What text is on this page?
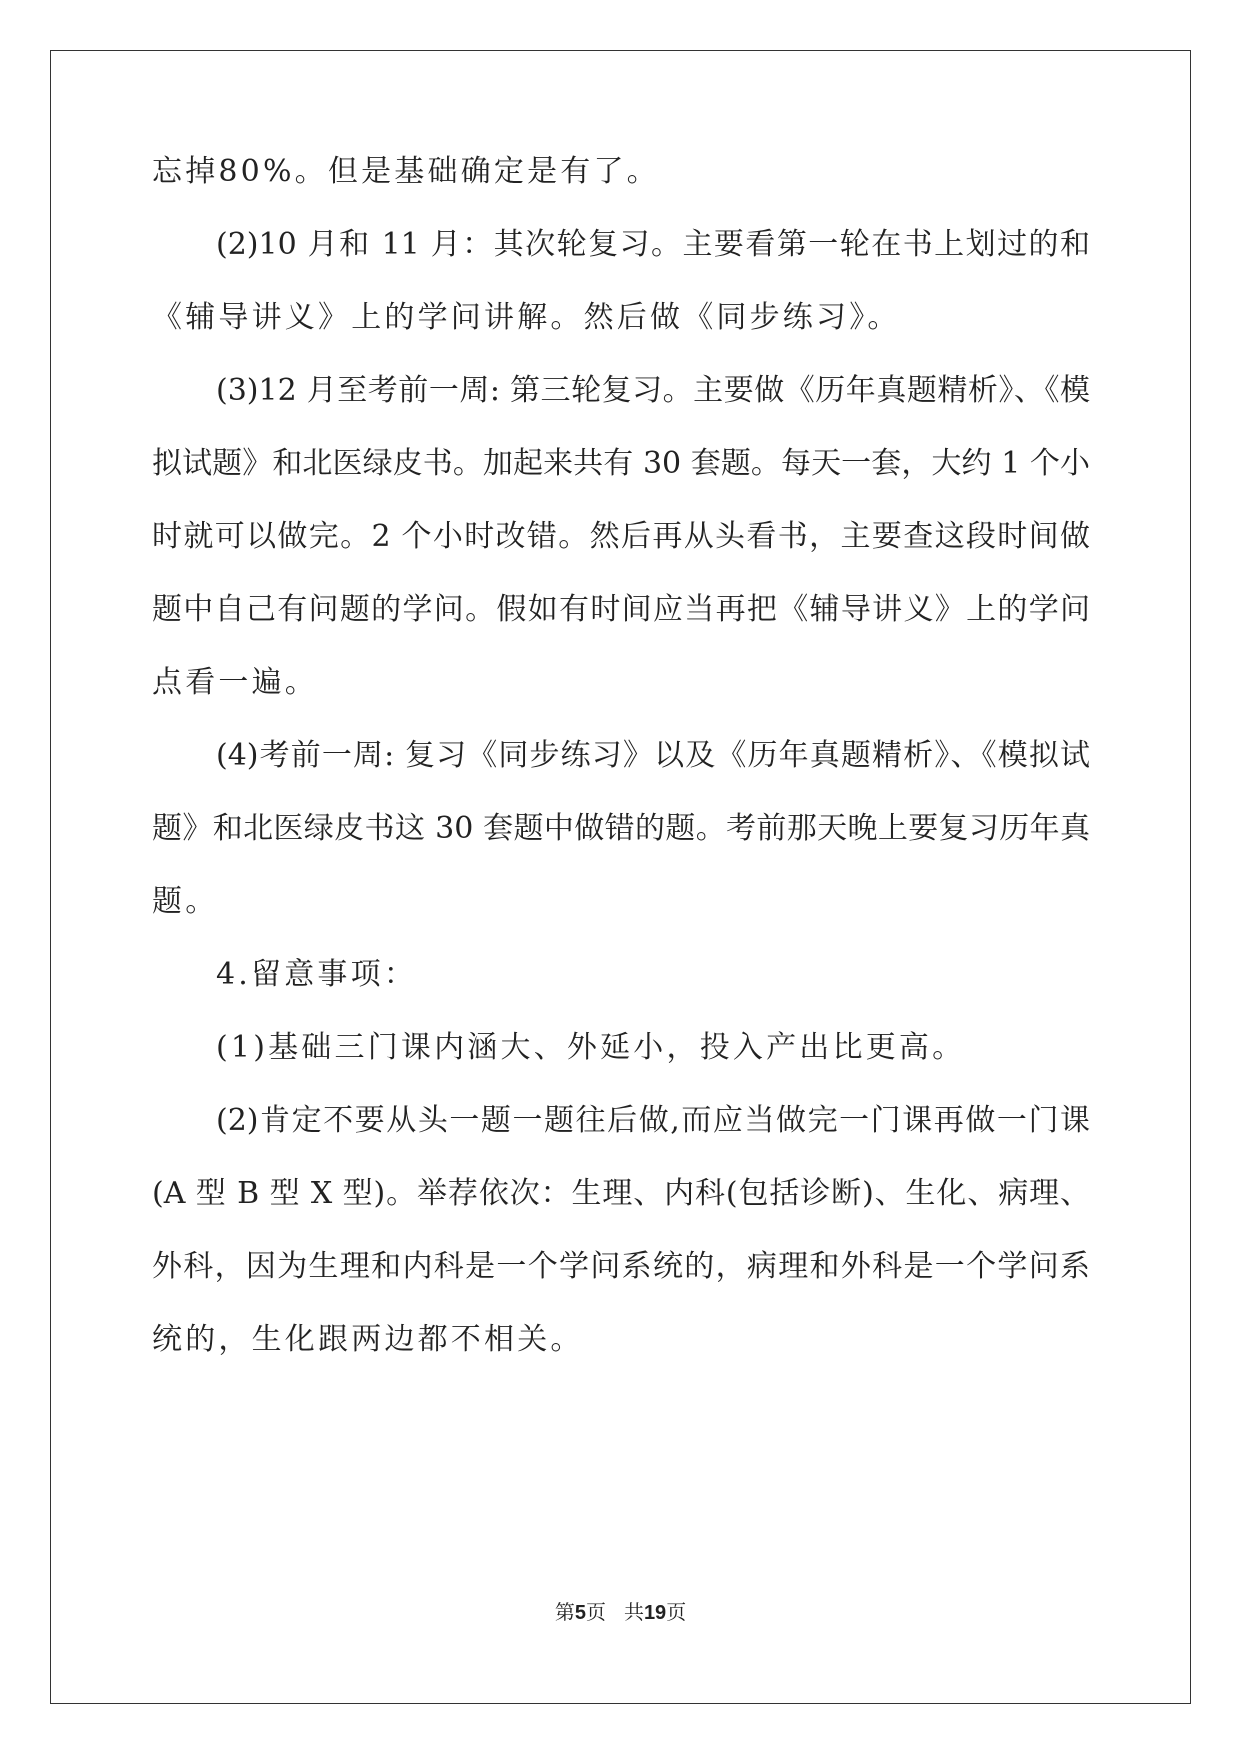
忘掉80%。但是基础确定是有了。
(2)10 月和 11 月：其次轮复习。主要看第一轮在书上划过的和
《辅导讲义》上的学问讲解。然后做《同步练习》。
(3)12 月至考前一周: 第三轮复习。主要做《历年真题精析》、《模
拟试题》和北医绿皮书。加起来共有 30 套题。每天一套，大约 1 个小
时就可以做完。2 个小时改错。然后再从头看书，主要查这段时间做
题中自己有问题的学问。假如有时间应当再把《辅导讲义》上的学问
点看一遍。
(4)考前一周: 复习《同步练习》以及《历年真题精析》、《模拟试
题》和北医绿皮书这 30 套题中做错的题。考前那天晚上要复习历年真
题。
4.留意事项：
(1)基础三门课内涵大、外延小，投入产出比更高。
(2)肯定不要从头一题一题往后做,而应当做完一门课再做一门课
(A 型 B 型 X 型)。举荐依次：生理、内科(包括诊断)、生化、病理、
外科，因为生理和内科是一个学问系统的，病理和外科是一个学问系
统的，生化跟两边都不相关。
第5页 共19页
